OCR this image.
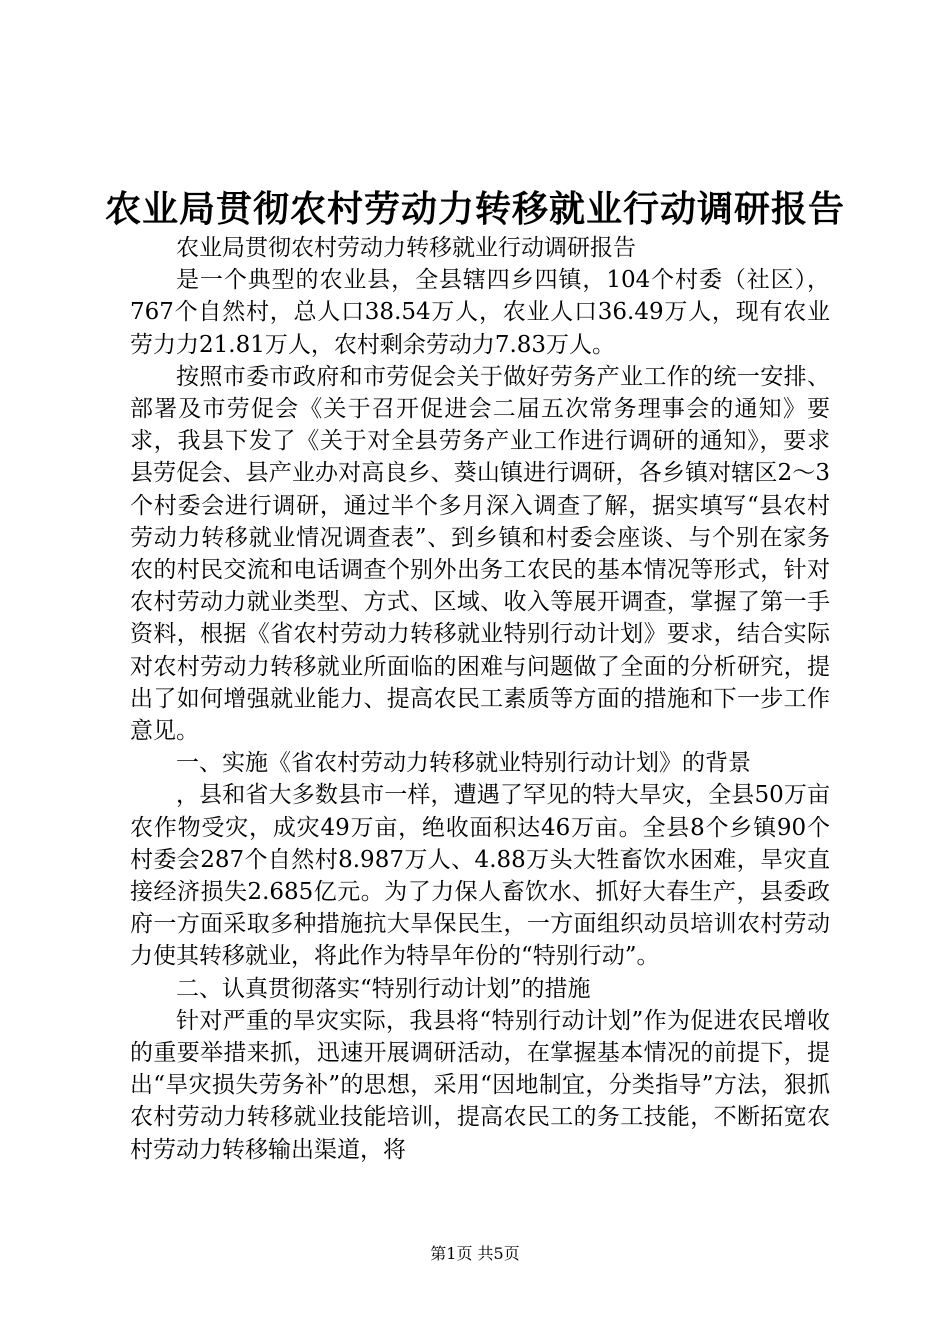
农业局贯彻农村劳动力转移就业行动调研报告

农业局贯彻农村劳动力转移就业行动调研报告

是一个典型的农业县，全县辖四乡四镇，104个村委（社区），767个自然村，总人口38.54万人，农业人口36.49万人，现有农业劳力力21.81万人，农村剩余劳动力7.83万人。

按照市委市政府和市劳促会关于做好劳务产业工作的统一安排、部署及市劳促会《关于召开促进会二届五次常务理事会的通知》要求，我县下发了《关于对全县劳务产业工作进行调研的通知》，要求县劳促会、县产业办对高良乡、葵山镇进行调研，各乡镇对辖区2～3个村委会进行调研，通过半个多月深入调查了解，据实填写“县农村劳动力转移就业情况调查表”、到乡镇和村委会座谈、与个别在家务农的村民交流和电话调查个别外出务工农民的基本情况等形式，针对农村劳动力就业类型、方式、区域、收入等展开调查，掌握了第一手资料，根据《省农村劳动力转移就业特别行动计划》要求，结合实际对农村劳动力转移就业所面临的困难与问题做了全面的分析研究，提出了如何增强就业能力、提高农民工素质等方面的措施和下一步工作意见。

一、实施《省农村劳动力转移就业特别行动计划》的背景

，县和省大多数县市一样，遭遇了罕见的特大旱灾，全县50万亩农作物受灾，成灾49万亩，绝收面积达46万亩。全县8个乡镇90个村委会287个自然村8.987万人、4.88万头大牲畜饮水困难，旱灾直接经济损失2.685亿元。为了力保人畜饮水、抓好大春生产，县委政府一方面采取多种措施抗大旱保民生，一方面组织动员培训农村劳动力使其转移就业，将此作为特旱年份的“特别行动”。

二、认真贯彻落实“特别行动计划”的措施

针对严重的旱灾实际，我县将“特别行动计划”作为促进农民增收的重要举措来抓，迅速开展调研活动，在掌握基本情况的前提下，提出“旱灾损失劳务补”的思想，采用“因地制宜，分类指导”方法，狠抓农村劳动力转移就业技能培训，提高农民工的务工技能，不断拓宽农村劳动力转移输出渠道，将

第1页 共5页
